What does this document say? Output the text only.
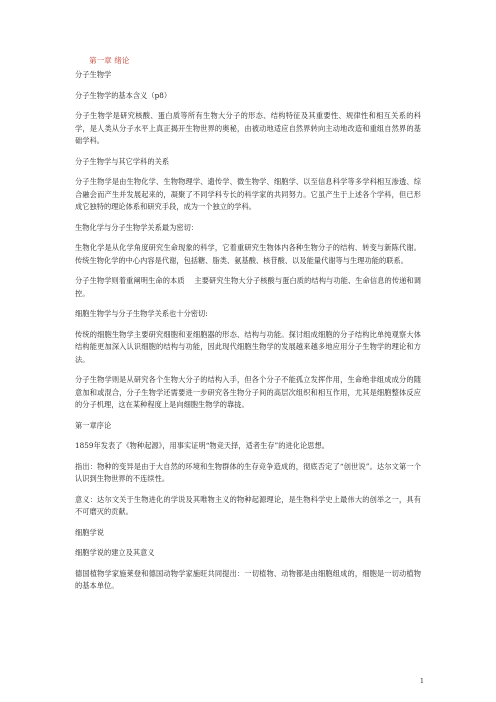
第一章 绪论

分子生物学

分子生物学的基本含义（p8）

分子生物学是研究核酸、蛋白质等所有生物大分子的形态、结构特征及其重要性、规律性和相互关系的科学，是人类从分子水平上真正揭开生物世界的奥秘，由被动地适应自然界转向主动地改造和重组自然界的基础学科。

分子生物学与其它学科的关系

分子生物学是由生物化学、生物物理学、遗传学、微生物学、细胞学、以至信息科学等多学科相互渗透、综合融会而产生并发展起来的，凝聚了不同学科专长的科学家的共同努力。它虽产生于上述各个学科，但已形成它独特的理论体系和研究手段，成为一个独立的学科。

生物化学与分子生物学关系最为密切：

生物化学是从化学角度研究生命现象的科学，它着重研究生物体内各种生物分子的结构、转变与新陈代谢。传统生物化学的中心内容是代谢，包括糖、脂类、氨基酸、核苷酸、以及能量代谢等与生理功能的联系。

分子生物学则着重阐明生命的本质　 主要研究生物大分子核酸与蛋白质的结构与功能、生命信息的传递和调控。

细胞生物学与分子生物学关系也十分密切:

传统的细胞生物学主要研究细胞和亚细胞器的形态、结构与功能。探讨组成细胞的分子结构比单纯观察大体结构能更加深入认识细胞的结构与功能，因此现代细胞生物学的发展越来越多地应用分子生物学的理论和方法。

分子生物学则是从研究各个生物大分子的结构入手，但各个分子不能孤立发挥作用，生命绝非组成成分的随意加和或混合，分子生物学还需要进一步研究各生物分子间的高层次组织和相互作用，尤其是细胞整体反应的分子机理，这在某种程度上是向细胞生物学的靠拢。

第一章序论

1859年发表了《物种起源》，用事实证明“物竞天择，适者生存”的进化论思想。

指出：物种的变异是由于大自然的环境和生物群体的生存竞争造成的，彻底否定了“创世说”。达尔文第一个认识到生物世界的不连续性。

意义：达尔文关于生物进化的学说及其唯物主义的物种起源理论，是生物科学史上最伟大的创举之一，具有不可磨灭的贡献。

细胞学说

细胞学说的建立及其意义

德国植物学家施莱登和德国动物学家施旺共同提出：一切植物、动物都是由细胞组成的，细胞是一切动植物的基本单位。

1
